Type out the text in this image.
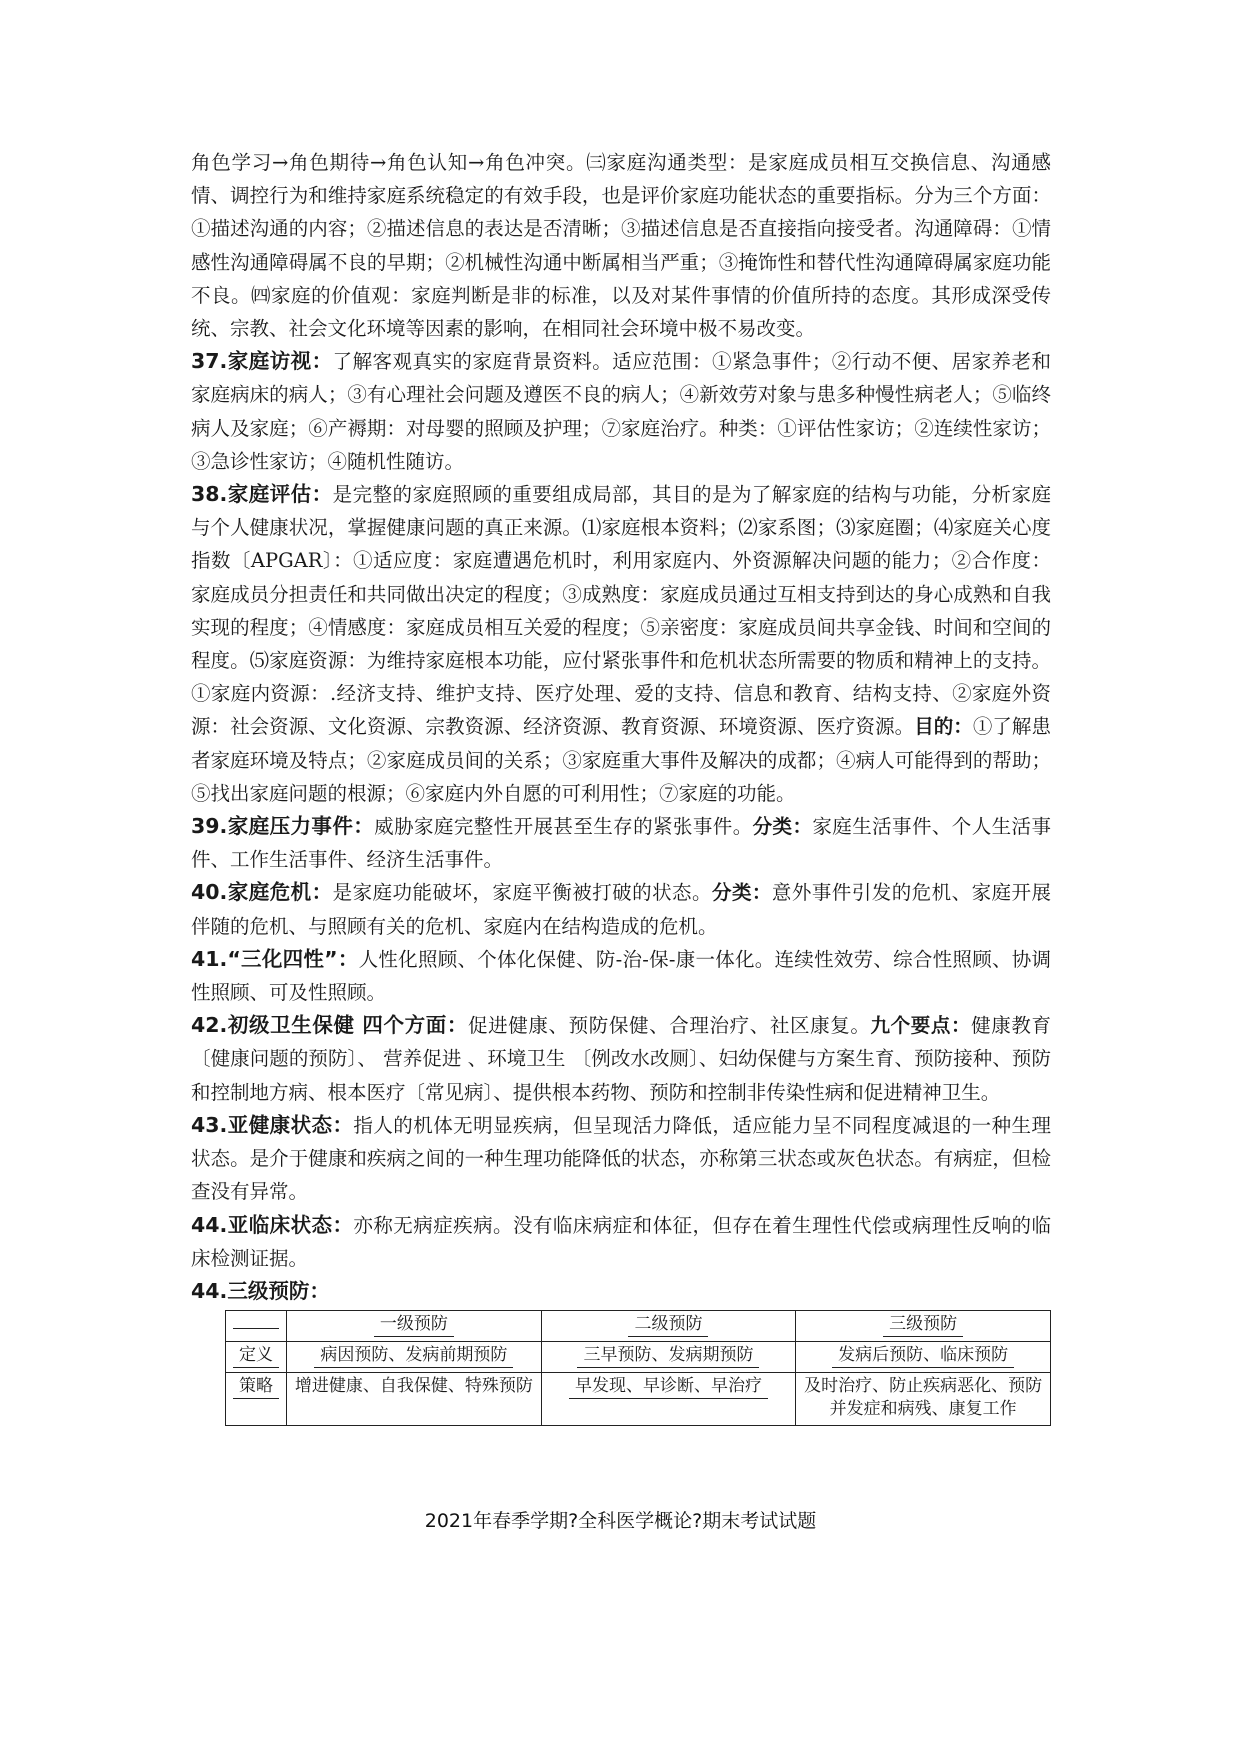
角色学习→角色期待→角色认知→角色冲突。㈢家庭沟通类型：是家庭成员相互交换信息、沟通感情、调控行为和维持家庭系统稳定的有效手段，也是评价家庭功能状态的重要指标。分为三个方面：①描述沟通的内容；②描述信息的表达是否清晰；③描述信息是否直接指向接受者。沟通障碍：①情感性沟通障碍属不良的早期；②机械性沟通中断属相当严重；③掩饰性和替代性沟通障碍属家庭功能不良。㈣家庭的价值观：家庭判断是非的标准，以及对某件事情的价值所持的态度。其形成深受传统、宗教、社会文化环境等因素的影响，在相同社会环境中极不易改变。

37.家庭访视：了解客观真实的家庭背景资料。适应范围：①紧急事件；②行动不便、居家养老和家庭病床的病人；③有心理社会问题及遵医不良的病人；④新效劳对象与患多种慢性病老人；⑤临终病人及家庭；⑥产褥期：对母婴的照顾及护理；⑦家庭治疗。种类：①评估性家访；②连续性家访；③急诊性家访；④随机性随访。

38.家庭评估：是完整的家庭照顾的重要组成局部，其目的是为了解家庭的结构与功能，分析家庭与个人健康状况，掌握健康问题的真正来源。⑴家庭根本资料；⑵家系图；⑶家庭圈；⑷家庭关心度指数〔APGAR〕：①适应度：家庭遭遇危机时，利用家庭内、外资源解决问题的能力；②合作度：家庭成员分担责任和共同做出决定的程度；③成熟度：家庭成员通过互相支持到达的身心成熟和自我实现的程度；④情感度：家庭成员相互关爱的程度；⑤亲密度：家庭成员间共享金钱、时间和空间的程度。⑸家庭资源：为维持家庭根本功能，应付紧张事件和危机状态所需要的物质和精神上的支持。①家庭内资源：.经济支持、维护支持、医疗处理、爱的支持、信息和教育、结构支持、②家庭外资源：社会资源、文化资源、宗教资源、经济资源、教育资源、环境资源、医疗资源。目的：①了解患者家庭环境及特点；②家庭成员间的关系；③家庭重大事件及解决的成都；④病人可能得到的帮助；⑤找出家庭问题的根源；⑥家庭内外自愿的可利用性；⑦家庭的功能。

39.家庭压力事件：威胁家庭完整性开展甚至生存的紧张事件。分类：家庭生活事件、个人生活事件、工作生活事件、经济生活事件。

40.家庭危机：是家庭功能破坏，家庭平衡被打破的状态。分类：意外事件引发的危机、家庭开展伴随的危机、与照顾有关的危机、家庭内在结构造成的危机。

41.“三化四性”：人性化照顾、个体化保健、防-治-保-康一体化。连续性效劳、综合性照顾、协调性照顾、可及性照顾。

42.初级卫生保健 四个方面：促进健康、预防保健、合理治疗、社区康复。九个要点：健康教育〔健康问题的预防〕、 营养促进 、环境卫生 〔例改水改厕〕、妇幼保健与方案生育、预防接种、预防和控制地方病、根本医疗〔常见病〕、提供根本药物、预防和控制非传染性病和促进精神卫生。

43.亚健康状态：指人的机体无明显疾病，但呈现活力降低，适应能力呈不同程度减退的一种生理状态。是介于健康和疾病之间的一种生理功能降低的状态，亦称第三状态或灰色状态。有病症，但检查没有异常。

44.亚临床状态：亦称无病症疾病。没有临床病症和体征，但存在着生理性代偿或病理性反响的临床检测证据。

44.三级预防：

	一级预防	二级预防	三级预防
定义	病因预防、发病前期预防	三早预防、发病期预防	发病后预防、临床预防
策略	增进健康、自我保健、特殊预防	早发现、早诊断、早治疗	及时治疗、防止疾病恶化、预防并发症和病残、康复工作
2021年春季学期?全科医学概论?期末考试试题
